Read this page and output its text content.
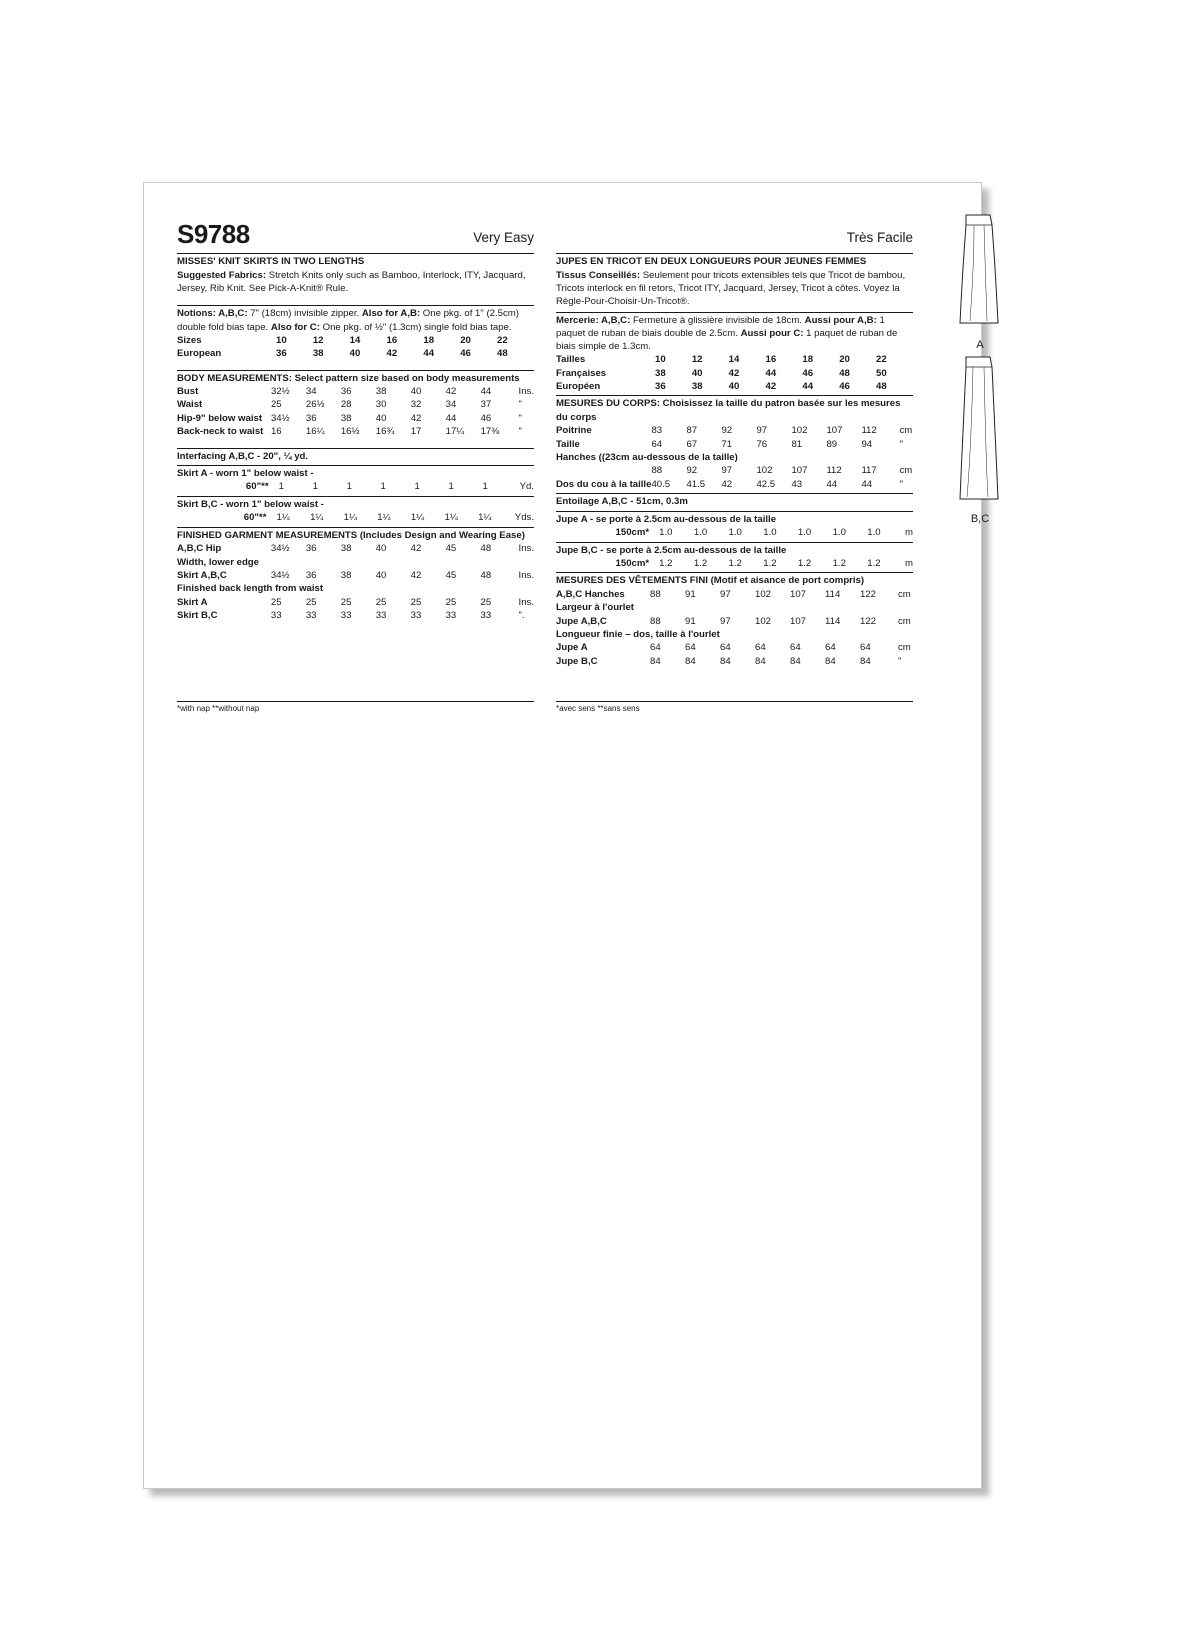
S9788	Very Easy
MISSES' KNIT SKIRTS IN TWO LENGTHS

Suggested Fabrics: Stretch Knits only such as Bamboo, Interlock, ITY, Jacquard, Jersey, Rib Knit. See Pick-A-Knit® Rule.

Notions: A,B,C: 7" (18cm) invisible zipper. Also for A,B: One pkg. of 1" (2.5cm) double fold bias tape. Also for C: One pkg. of ½" (1.3cm) single fold bias tape.

Sizes	10	12	14	16	18	20	22
European	36	38	40	42	44	46	48
BODY MEASUREMENTS: Select pattern size based on body measurements
Bust	32½	34	36	38	40	42	44	Ins.
Waist	25	26½	28	30	32	34	37	"
Hip-9" below waist	34½	36	38	40	42	44	46	"
Back-neck to waist	16	16¼	16½	16¾	17	17¼	17⅜	"
Interfacing A,B,C - 20", ¼ yd.
Skirt A - worn 1" below waist -
60"**	1	1	1	1	1	1	1	Yd.
Skirt B,C - worn 1" below waist -
60"**	1¼	1¼	1¼	1¼	1¼	1¼	1¼	Yds.
FINISHED GARMENT MEASUREMENTS (Includes Design and Wearing Ease)
A,B,C Hip	34½	36	38	40	42	45	48	Ins.
Width, lower edge								
Skirt A,B,C	34½	36	38	40	42	45	48	Ins.
Finished back length from waist								
Skirt A	25	25	25	25	25	25	25	Ins.
Skirt B,C	33	33	33	33	33	33	33	".
Très Facile
JUPES EN TRICOT EN DEUX LONGUEURS POUR JEUNES FEMMES

Tissus Conseillés: Seulement pour tricots extensibles tels que Tricot de bambou, Tricots interlock en fil retors, Tricot ITY, Jacquard, Jersey, Tricot à côtes. Voyez la Règle-Pour-Choisir-Un-Tricot®.

Mercerie: A,B,C: Fermeture à glissière invisible de 18cm. Aussi pour A,B: 1 paquet de ruban de biais double de 2.5cm. Aussi pour C: 1 paquet de ruban de biais simple de 1.3cm.

Tailles	10	12	14	16	18	20	22
Françaises	38	40	42	44	46	48	50
Européen	36	38	40	42	44	46	48
MESURES DU CORPS: Choisissez la taille du patron basée sur les mesures du corps
Poitrine	83	87	92	97	102	107	112	cm
Taille	64	67	71	76	81	89	94	"
Hanches ((23cm au-dessous de la taille)								
	88	92	97	102	107	112	117	cm
Dos du cou à la taille	40.5	41.5	42	42.5	43	44	44	"
Entoilage A,B,C - 51cm, 0.3m
Jupe A - se porte à 2.5cm au-dessous de la taille
150cm*	1.0	1.0	1.0	1.0	1.0	1.0	1.0	m
Jupe B,C - se porte à 2.5cm au-dessous de la taille
150cm*	1.2	1.2	1.2	1.2	1.2	1.2	1.2	m
MESURES DES VÊTEMENTS FINI (Motif et aisance de port compris)
A,B,C Hanches	88	91	97	102	107	114	122	cm
Largeur à l'ourlet								
Jupe A,B,C	88	91	97	102	107	114	122	cm
Longueur finie – dos, taille à l'ourlet								
Jupe A	64	64	64	64	64	64	64	cm
Jupe B,C	84	84	84	84	84	84	84	"
*with nap **without nap	*avec sens **sans sens
A
B,C
